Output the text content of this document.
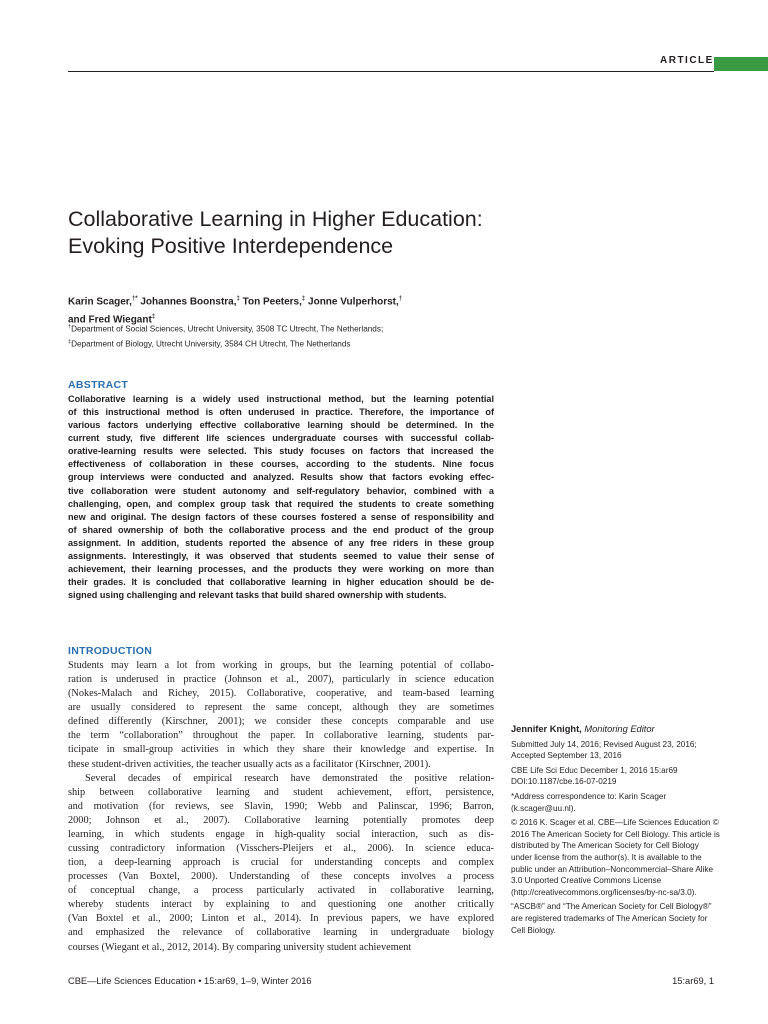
ARTICLE
Collaborative Learning in Higher Education: Evoking Positive Interdependence
Karin Scager,†* Johannes Boonstra,‡ Ton Peeters,‡ Jonne Vulperhorst,†
and Fred Wiegant‡
†Department of Social Sciences, Utrecht University, 3508 TC Utrecht, The Netherlands;
‡Department of Biology, Utrecht University, 3584 CH Utrecht, The Netherlands
ABSTRACT
Collaborative learning is a widely used instructional method, but the learning potential
of this instructional method is often underused in practice. Therefore, the importance of
various factors underlying effective collaborative learning should be determined. In the
current study, five different life sciences undergraduate courses with successful collab-
orative-learning results were selected. This study focuses on factors that increased the
effectiveness of collaboration in these courses, according to the students. Nine focus
group interviews were conducted and analyzed. Results show that factors evoking effec-
tive collaboration were student autonomy and self-regulatory behavior, combined with a
challenging, open, and complex group task that required the students to create something
new and original. The design factors of these courses fostered a sense of responsibility and
of shared ownership of both the collaborative process and the end product of the group
assignment. In addition, students reported the absence of any free riders in these group
assignments. Interestingly, it was observed that students seemed to value their sense of
achievement, their learning processes, and the products they were working on more than
their grades. It is concluded that collaborative learning in higher education should be de-
signed using challenging and relevant tasks that build shared ownership with students.
INTRODUCTION
Students may learn a lot from working in groups, but the learning potential of collabo-
ration is underused in practice (Johnson et al., 2007), particularly in science education
(Nokes-Malach and Richey, 2015). Collaborative, cooperative, and team-based learning
are usually considered to represent the same concept, although they are sometimes
defined differently (Kirschner, 2001); we consider these concepts comparable and use
the term “collaboration” throughout the paper. In collaborative learning, students par-
ticipate in small-group activities in which they share their knowledge and expertise. In
these student-driven activities, the teacher usually acts as a facilitator (Kirschner, 2001).
Several decades of empirical research have demonstrated the positive relation-
ship between collaborative learning and student achievement, effort, persistence,
and motivation (for reviews, see Slavin, 1990; Webb and Palinscar, 1996; Barron,
2000; Johnson et al., 2007). Collaborative learning potentially promotes deep
learning, in which students engage in high-quality social interaction, such as dis-
cussing contradictory information (Visschers-Pleijers et al., 2006). In science educa-
tion, a deep-learning approach is crucial for understanding concepts and complex
processes (Van Boxtel, 2000). Understanding of these concepts involves a process
of conceptual change, a process particularly activated in collaborative learning,
whereby students interact by explaining to and questioning one another critically
(Van Boxtel et al., 2000; Linton et al., 2014). In previous papers, we have explored
and emphasized the relevance of collaborative learning in undergraduate biology
courses (Wiegant et al., 2012, 2014). By comparing university student achievement
Jennifer Knight, Monitoring Editor
Submitted July 14, 2016; Revised August 23, 2016; Accepted September 13, 2016
CBE Life Sci Educ December 1, 2016 15:ar69
DOI:10.1187/cbe.16-07-0219
*Address correspondence to: Karin Scager (k.scager@uu.nl).
© 2016 K. Scager et al. CBE—Life Sciences Education © 2016 The American Society for Cell Biology. This article is distributed by The American Society for Cell Biology under license from the author(s). It is available to the public under an Attribution–Noncommercial–Share Alike 3.0 Unported Creative Commons License (http://creativecommons.org/licenses/by-nc-sa/3.0).
“ASCB®” and “The American Society for Cell Biology®” are registered trademarks of The American Society for Cell Biology.
CBE—Life Sciences Education • 15:ar69, 1–9, Winter 2016	15:ar69, 1
